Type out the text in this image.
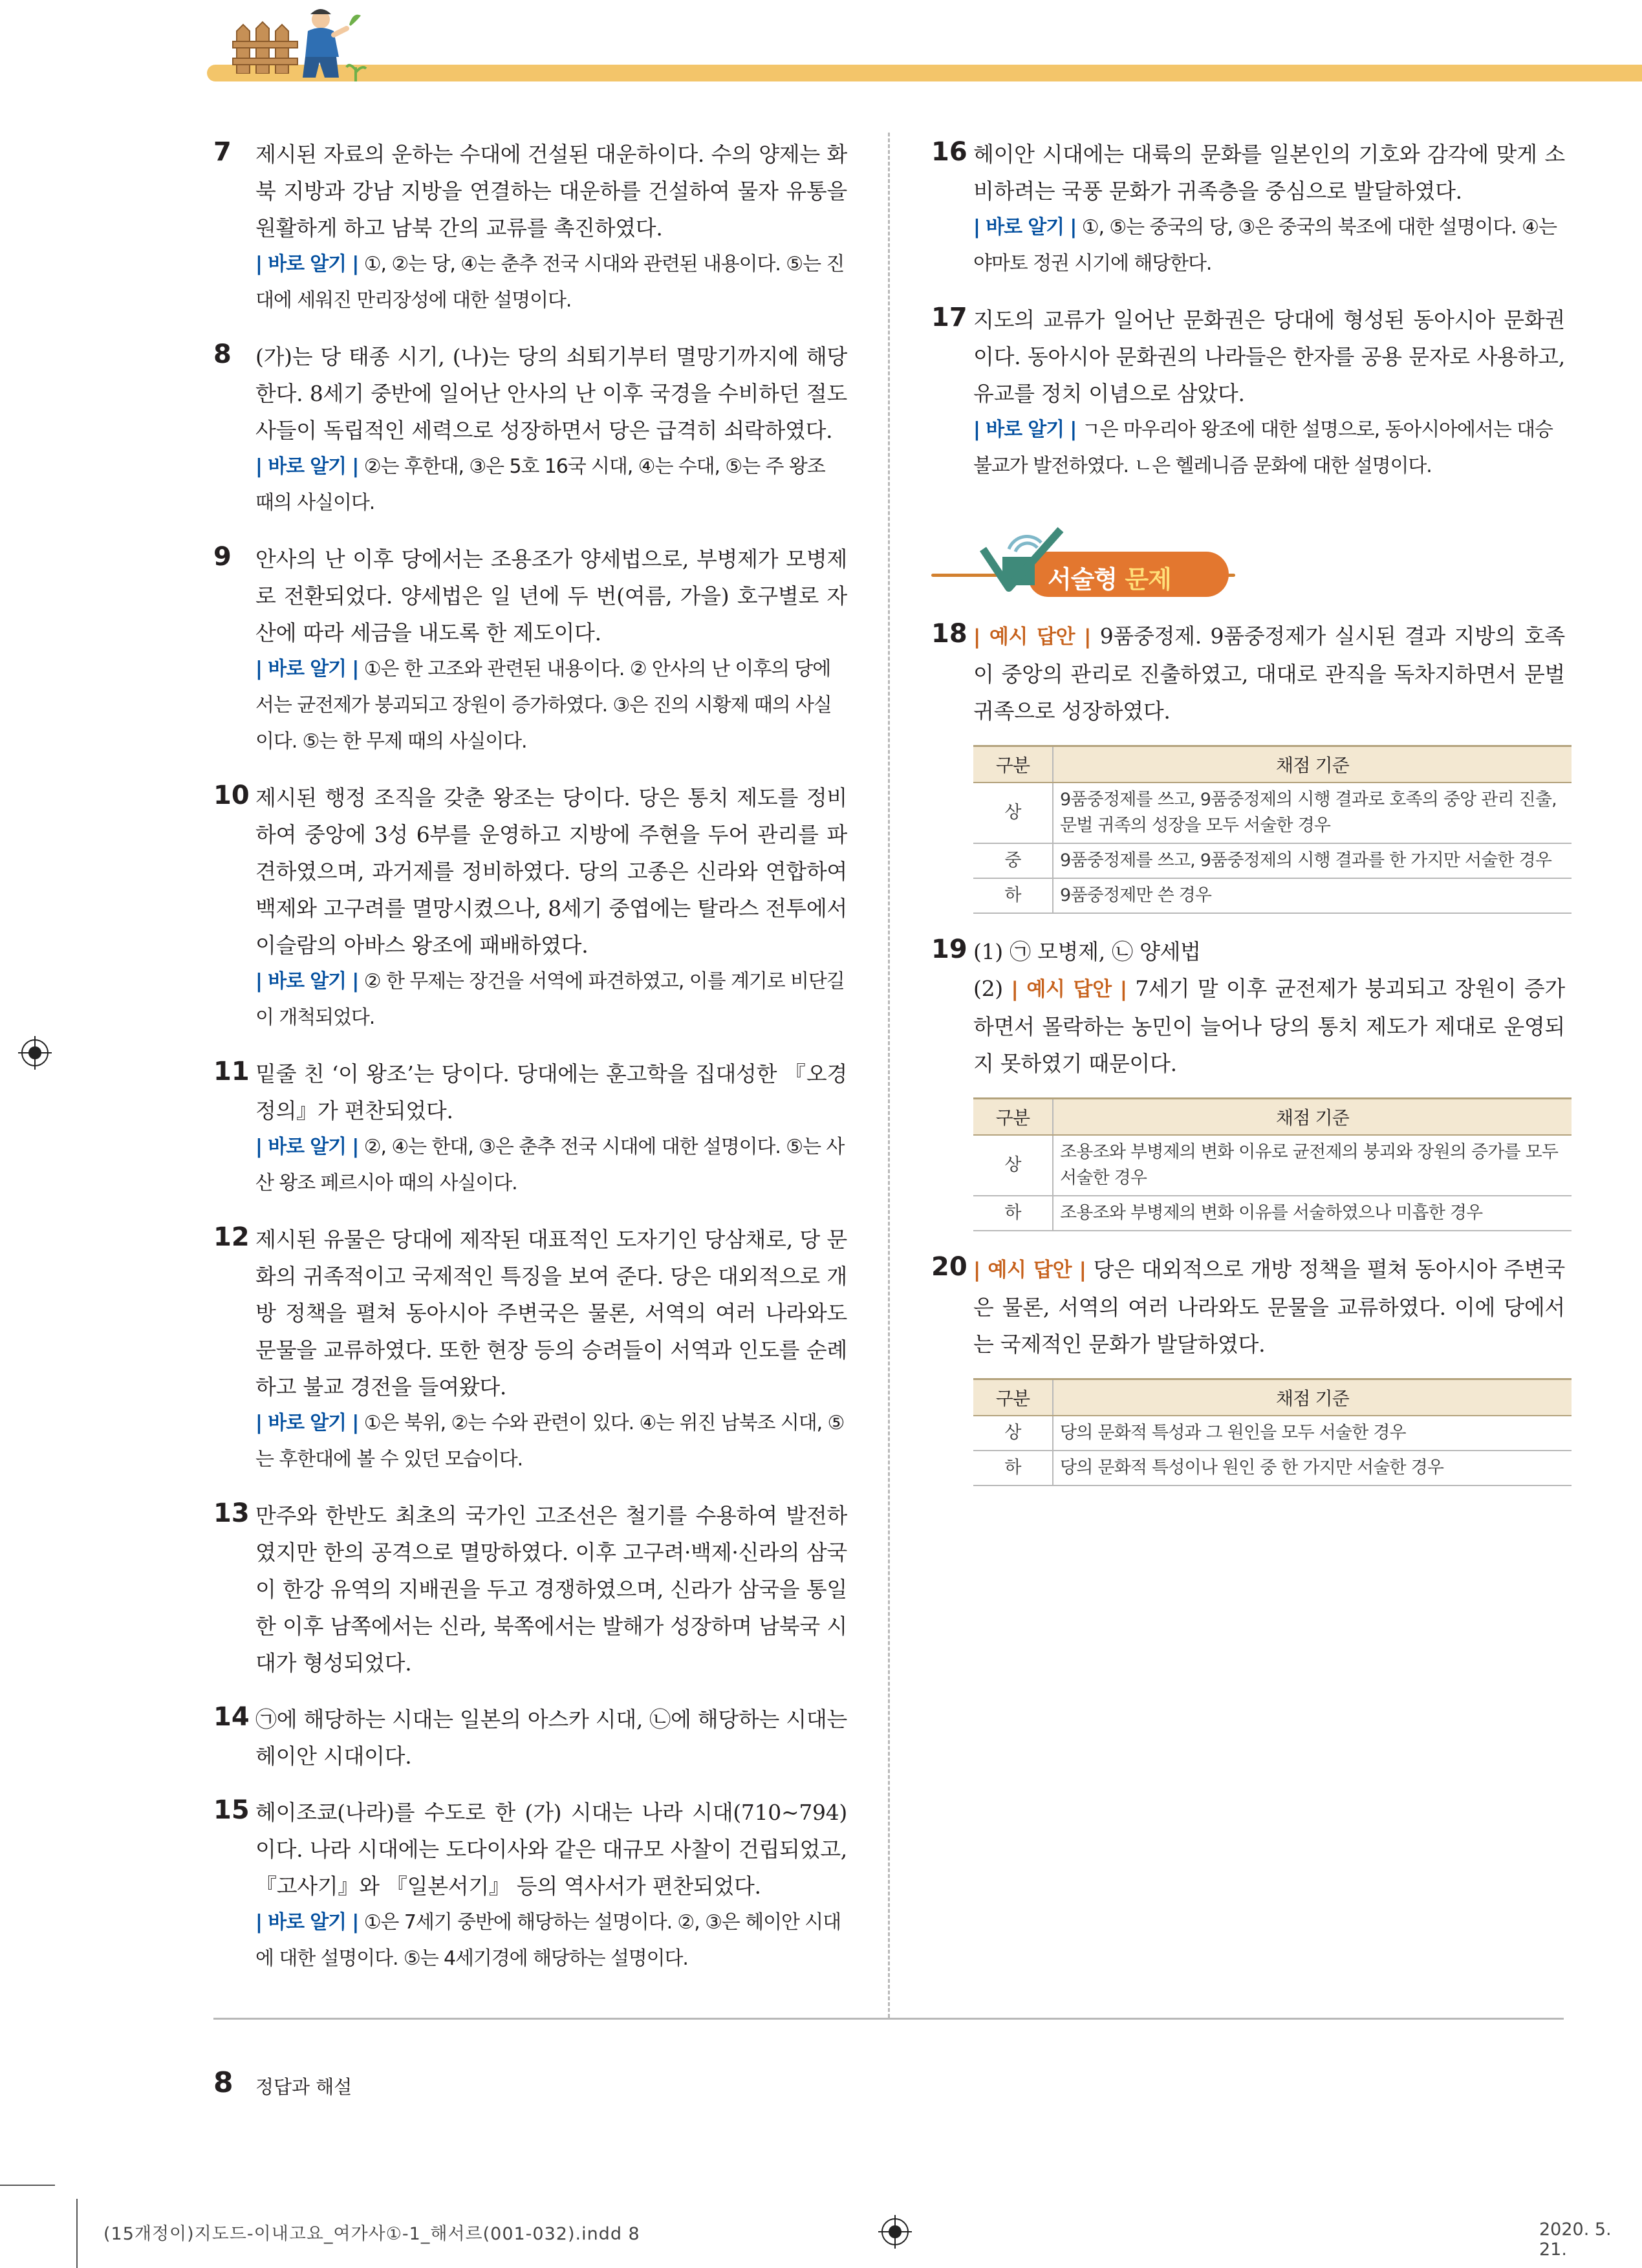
7 제시된 자료의 운하는 수대에 건설된 대운하이다. 수의 양제는 화북 지방과 강남 지방을 연결하는 대운하를 건설하여 물자 유통을 원활하게 하고 남북 간의 교류를 촉진하였다.
| 바로 알기 | ①, ②는 당, ④는 춘추 전국 시대와 관련된 내용이다. ⑤는 진대에 세워진 만리장성에 대한 설명이다.
8 (가)는 당 태종 시기, (나)는 당의 쇠퇴기부터 멸망기까지에 해당한다. 8세기 중반에 일어난 안사의 난 이후 국경을 수비하던 절도사들이 독립적인 세력으로 성장하면서 당은 급격히 쇠락하였다.
| 바로 알기 | ②는 후한대, ③은 5호 16국 시대, ④는 수대, ⑤는 주 왕조 때의 사실이다.
9 안사의 난 이후 당에서는 조용조가 양세법으로, 부병제가 모병제로 전환되었다. 양세법은 일 년에 두 번(여름, 가을) 호구별로 자산에 따라 세금을 내도록 한 제도이다.
| 바로 알기 | ①은 한 고조와 관련된 내용이다. ② 안사의 난 이후의 당에서는 균전제가 붕괴되고 장원이 증가하였다. ③은 진의 시황제 때의 사실이다. ⑤는 한 무제 때의 사실이다.
10 제시된 행정 조직을 갖춘 왕조는 당이다. 당은 통치 제도를 정비하여 중앙에 3성 6부를 운영하고 지방에 주현을 두어 관리를 파견하였으며, 과거제를 정비하였다. 당의 고종은 신라와 연합하여 백제와 고구려를 멸망시켰으나, 8세기 중엽에는 탈라스 전투에서 이슬람의 아바스 왕조에 패배하였다.
| 바로 알기 | ② 한 무제는 장건을 서역에 파견하였고, 이를 계기로 비단길이 개척되었다.
11 밑줄 친 ‘이 왕조’는 당이다. 당대에는 훈고학을 집대성한 『오경정의』가 편찬되었다.
| 바로 알기 | ②, ④는 한대, ③은 춘추 전국 시대에 대한 설명이다. ⑤는 사산 왕조 페르시아 때의 사실이다.
12 제시된 유물은 당대에 제작된 대표적인 도자기인 당삼채로, 당 문화의 귀족적이고 국제적인 특징을 보여 준다. 당은 대외적으로 개방 정책을 펼쳐 동아시아 주변국은 물론, 서역의 여러 나라와도 문물을 교류하였다. 또한 현장 등의 승려들이 서역과 인도를 순례하고 불교 경전을 들여왔다.
| 바로 알기 | ①은 북위, ②는 수와 관련이 있다. ④는 위진 남북조 시대, ⑤는 후한대에 볼 수 있던 모습이다.
13 만주와 한반도 최초의 국가인 고조선은 철기를 수용하여 발전하였지만 한의 공격으로 멸망하였다. 이후 고구려·백제·신라의 삼국이 한강 유역의 지배권을 두고 경쟁하였으며, 신라가 삼국을 통일한 이후 남쪽에서는 신라, 북쪽에서는 발해가 성장하며 남북국 시대가 형성되었다.
14 ㉠에 해당하는 시대는 일본의 아스카 시대, ㉡에 해당하는 시대는 헤이안 시대이다.
15 헤이조쿄(나라)를 수도로 한 (가) 시대는 나라 시대(710~794)이다. 나라 시대에는 도다이사와 같은 대규모 사찰이 건립되었고, 『고사기』와 『일본서기』 등의 역사서가 편찬되었다.
| 바로 알기 | ①은 7세기 중반에 해당하는 설명이다. ②, ③은 헤이안 시대에 대한 설명이다. ⑤는 4세기경에 해당하는 설명이다.
16 헤이안 시대에는 대륙의 문화를 일본인의 기호와 감각에 맞게 소비하려는 국풍 문화가 귀족층을 중심으로 발달하였다.
| 바로 알기 | ①, ⑤는 중국의 당, ③은 중국의 북조에 대한 설명이다. ④는 야마토 정권 시기에 해당한다.
17 지도의 교류가 일어난 문화권은 당대에 형성된 동아시아 문화권이다. 동아시아 문화권의 나라들은 한자를 공용 문자로 사용하고, 유교를 정치 이념으로 삼았다.
| 바로 알기 | ㄱ은 마우리아 왕조에 대한 설명으로, 동아시아에서는 대승 불교가 발전하였다. ㄴ은 헬레니즘 문화에 대한 설명이다.
서술형 문제
18 | 예시 답안 | 9품중정제. 9품중정제가 실시된 결과 지방의 호족이 중앙의 관리로 진출하였고, 대대로 관직을 독차지하면서 문벌 귀족으로 성장하였다.
구분	채점 기준
상	9품중정제를 쓰고, 9품중정제의 시행 결과로 호족의 중앙 관리 진출, 문벌 귀족의 성장을 모두 서술한 경우
중	9품중정제를 쓰고, 9품중정제의 시행 결과를 한 가지만 서술한 경우
하	9품중정제만 쓴 경우
19 (1) ㉠ 모병제, ㉡ 양세법
(2) | 예시 답안 | 7세기 말 이후 균전제가 붕괴되고 장원이 증가하면서 몰락하는 농민이 늘어나 당의 통치 제도가 제대로 운영되지 못하였기 때문이다.
구분	채점 기준
상	조용조와 부병제의 변화 이유로 균전제의 붕괴와 장원의 증가를 모두 서술한 경우
하	조용조와 부병제의 변화 이유를 서술하였으나 미흡한 경우
20 | 예시 답안 | 당은 대외적으로 개방 정책을 펼쳐 동아시아 주변국은 물론, 서역의 여러 나라와도 문물을 교류하였다. 이에 당에서는 국제적인 문화가 발달하였다.
구분	채점 기준
상	당의 문화적 특성과 그 원인을 모두 서술한 경우
하	당의 문화적 특성이나 원인 중 한 가지만 서술한 경우
8 정답과 해설
(15개정이)지도드-이내고요_여가사①-1_해서르(001-032).indd 8	2020. 5. 21.
